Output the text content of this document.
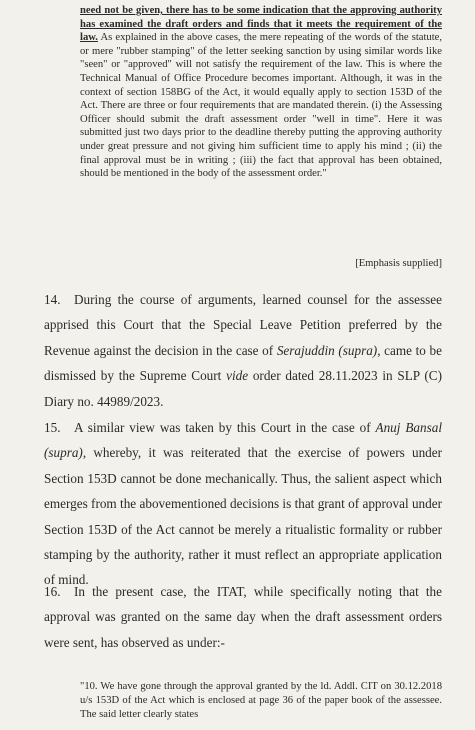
need not be given, there has to be some indication that the approving authority has examined the draft orders and finds that it meets the requirement of the law. As explained in the above cases, the mere repeating of the words of the statute, or mere "rubber stamping" of the letter seeking sanction by using similar words like "seen" or "approved" will not satisfy the requirement of the law. This is where the Technical Manual of Office Procedure becomes important. Although, it was in the context of section 158BG of the Act, it would equally apply to section 153D of the Act. There are three or four requirements that are mandated therein. (i) the Assessing Officer should submit the draft assessment order "well in time". Here it was submitted just two days prior to the deadline thereby putting the approving authority under great pressure and not giving him sufficient time to apply his mind ; (ii) the final approval must be in writing ; (iii) the fact that approval has been obtained, should be mentioned in the body of the assessment order."

[Emphasis supplied]

14. During the course of arguments, learned counsel for the assessee apprised this Court that the Special Leave Petition preferred by the Revenue against the decision in the case of Serajuddin (supra), came to be dismissed by the Supreme Court vide order dated 28.11.2023 in SLP (C) Diary no. 44989/2023.

15. A similar view was taken by this Court in the case of Anuj Bansal (supra), whereby, it was reiterated that the exercise of powers under Section 153D cannot be done mechanically. Thus, the salient aspect which emerges from the abovementioned decisions is that grant of approval under Section 153D of the Act cannot be merely a ritualistic formality or rubber stamping by the authority, rather it must reflect an appropriate application of mind.

16. In the present case, the ITAT, while specifically noting that the approval was granted on the same day when the draft assessment orders were sent, has observed as under:-

"10. We have gone through the approval granted by the ld. Addl. CIT on 30.12.2018 u/s 153D of the Act which is enclosed at page 36 of the paper book of the assessee. The said letter clearly states
